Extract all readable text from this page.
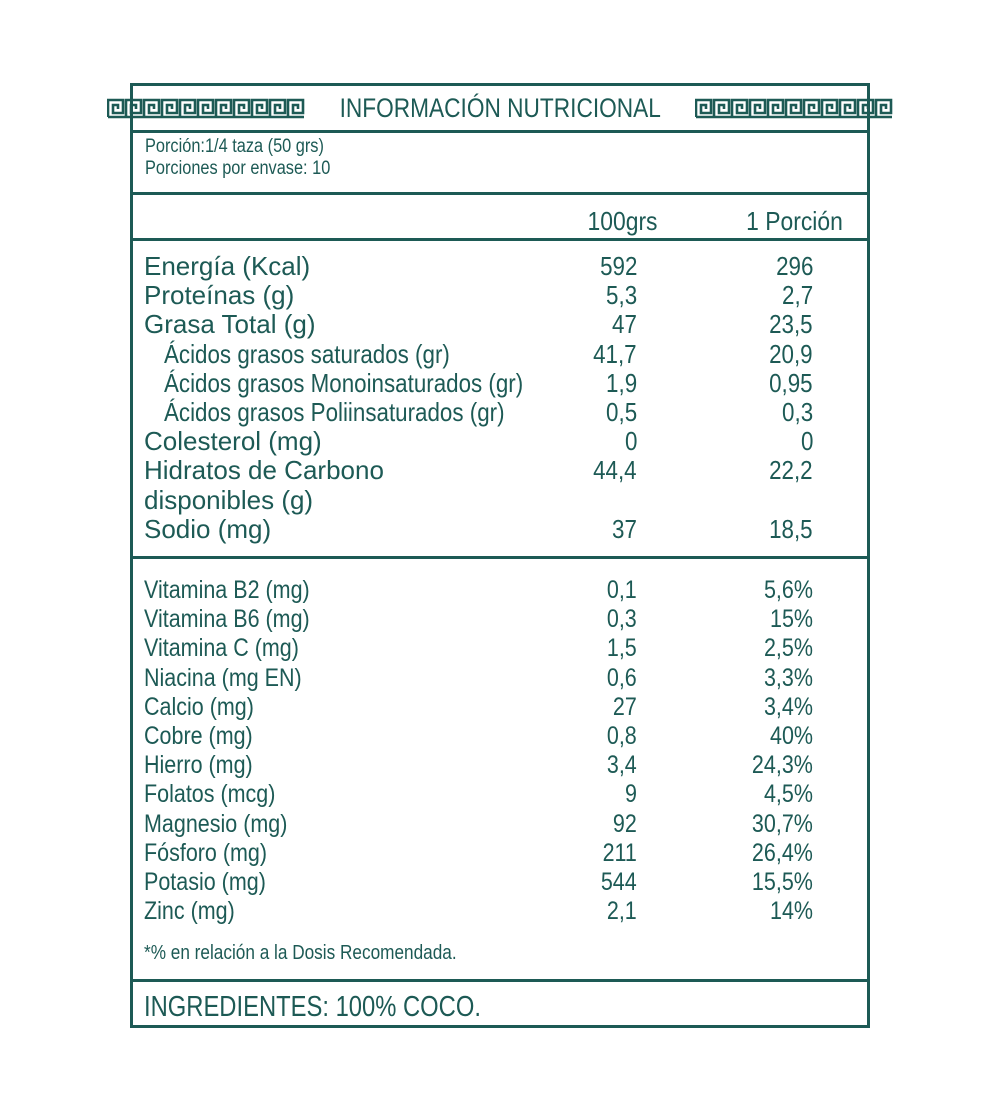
INFORMACIÓN NUTRICIONAL
Porción:1/4 taza (50 grs)
Porciones por envase: 10
100grs	1 Porción
Energía (Kcal)	592	296
Proteínas (g)	5,3	2,7
Grasa Total (g)	47	23,5
Ácidos grasos saturados (gr)	41,7	20,9
Ácidos grasos Monoinsaturados (gr)	1,9	0,95
Ácidos grasos Poliinsaturados (gr)	0,5	0,3
Colesterol (mg)	0	0
Hidratos de Carbono	44,4	22,2
disponibles (g)
Sodio (mg)	37	18,5
Vitamina B2 (mg)	0,1	5,6%
Vitamina B6 (mg)	0,3	15%
Vitamina C (mg)	1,5	2,5%
Niacina (mg EN)	0,6	3,3%
Calcio (mg)	27	3,4%
Cobre (mg)	0,8	40%
Hierro (mg)	3,4	24,3%
Folatos (mcg)	9	4,5%
Magnesio (mg)	92	30,7%
Fósforo (mg)	211	26,4%
Potasio (mg)	544	15,5%
Zinc (mg)	2,1	14%
*% en relación a la Dosis Recomendada.
INGREDIENTES: 100% COCO.
